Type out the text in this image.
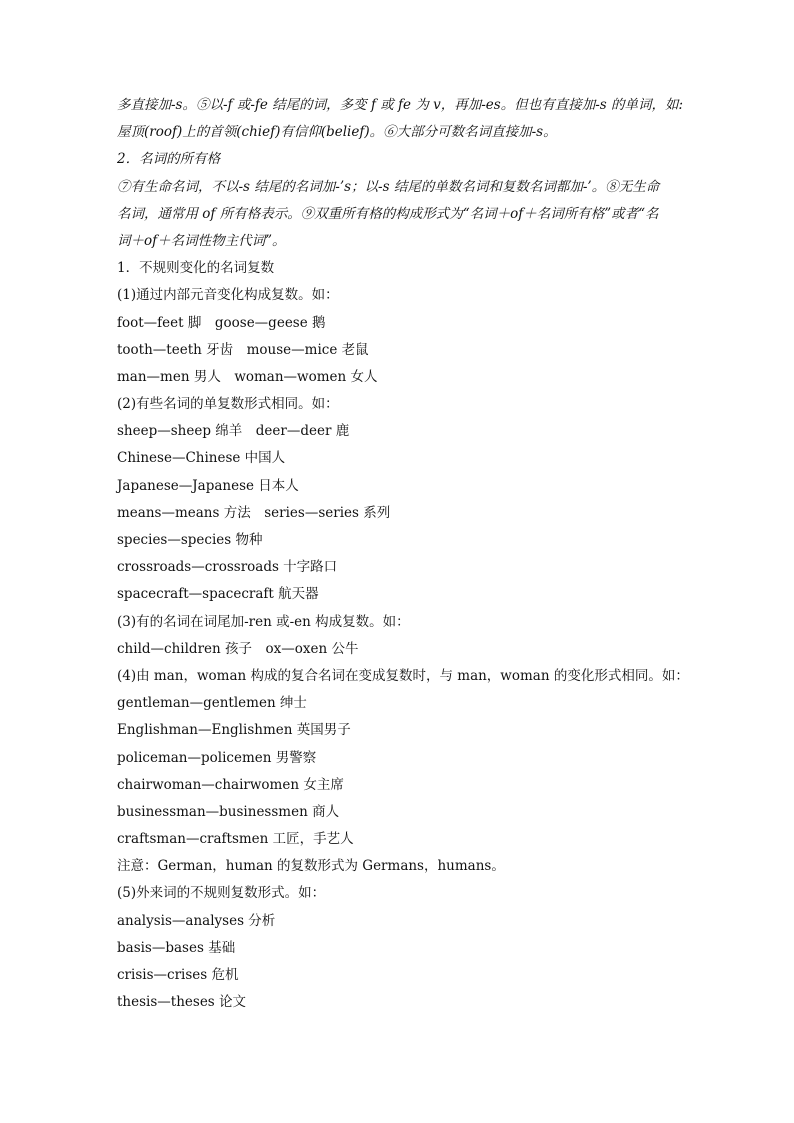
多直接加-s。⑤以-f 或-fe 结尾的词，多变 f 或 fe 为 v，再加-es。但也有直接加-s 的单词，如:

屋顶(roof)上的首领(chief)有信仰(belief)。⑥大部分可数名词直接加-s。

2．名词的所有格

⑦有生命名词，不以-s 结尾的名词加-’s；以-s 结尾的单数名词和复数名词都加-’。⑧无生命

名词，通常用 of 所有格表示。⑨双重所有格的构成形式为“名词＋of＋名词所有格”或者“名

词＋of＋名词性物主代词”。

1．不规则变化的名词复数

(1)通过内部元音变化构成复数。如：

foot—feet 脚　goose—geese 鹅

tooth—teeth 牙齿　mouse—mice 老鼠

man—men 男人　woman—women 女人

(2)有些名词的单复数形式相同。如：

sheep—sheep 绵羊　deer—deer 鹿

Chinese—Chinese 中国人

Japanese—Japanese 日本人

means—means 方法　series—series 系列

species—species 物种

crossroads—crossroads 十字路口

spacecraft—spacecraft 航天器

(3)有的名词在词尾加-ren 或-en 构成复数。如：

child—children 孩子　ox—oxen 公牛

(4)由 man，woman 构成的复合名词在变成复数时，与 man，woman 的变化形式相同。如：

gentleman—gentlemen 绅士

Englishman—Englishmen 英国男子

policeman—policemen 男警察

chairwoman—chairwomen 女主席

businessman—businessmen 商人

craftsman—craftsmen 工匠，手艺人

注意：German，human 的复数形式为 Germans，humans。

(5)外来词的不规则复数形式。如：

analysis—analyses 分析

basis—bases 基础

crisis—crises 危机

thesis—theses 论文
